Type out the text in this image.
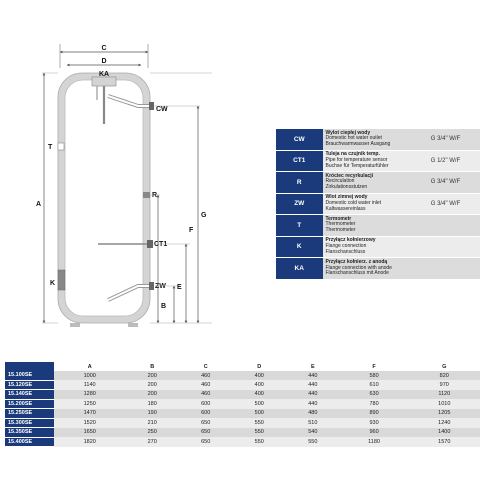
C
D
KA
CW
T
R
CT1
ZW
K
A
G
F
E
B
CW	Wylot ciepłej wody
Domestic hot water outlet
Brauchwarmwasser Ausgang	G 3/4" W/F
CT1	Tuleja na czujnik temp.
Pipe for temperature sensor
Buchse für Temperaturfühler	G 1/2" W/F
R	Króciec recyrkulacji
Recirculation
Zirkulationsstutzen	G 3/4" W/F
ZW	Wlot zimnej wody
Domestic cold water inlet
Kaltwassereinlass	G 3/4" W/F
T	Termometr
Thermometer
Thermometer	

K	Przyłącz kołnierzowy
Flange connection
Flanschanschluss	

KA	Przyłącz kołnierz. z anodą
Flange connection with anode
Flanschanschluss mit Anode	

	A	B	C	D	E	F	G
15.100SE	1000	200	460	400	440	580	820
15.120SE	1140	200	460	400	440	610	970
15.140SE	1280	200	460	400	440	630	1120
15.200SE	1250	180	600	500	440	780	1010
15.250SE	1470	190	600	500	480	890	1205
15.300SE	1520	210	650	550	510	930	1240
15.350SE	1650	250	650	550	540	960	1400
15.400SE	1820	270	650	550	550	1180	1570
